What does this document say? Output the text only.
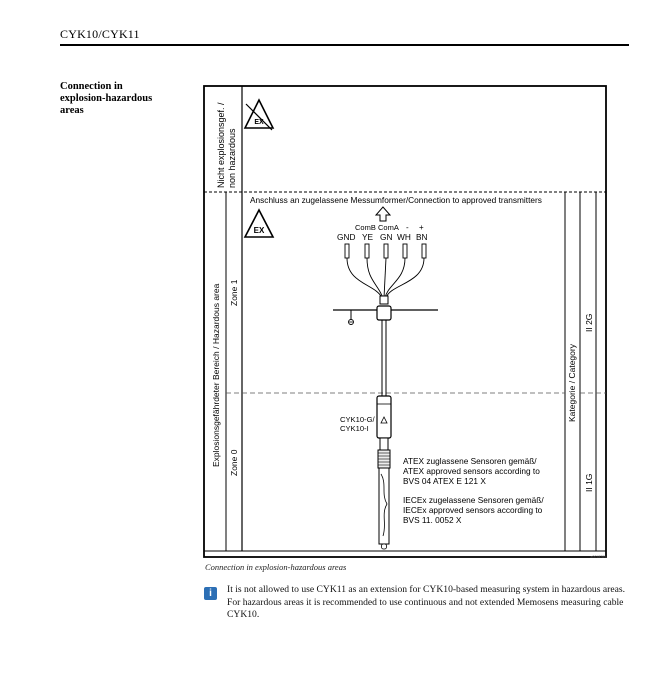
CYK10/CYK11
Connection in explosion-hazardous areas	Nicht explosionsgef. / non hazardous
Explosionsgefährdeter Bereich / Hazardous area Zone 1
Zone 0
Kategorie / Category
II 2G
II 1G
EX
EX
Anschluss an zugelassene Messumformer/Connection to approved transmitters
ComB ComA - +
GND YE GN WH BN
CYK10-G/
CYK10-I
ATEX zuglassene Sensoren gemäß/
ATEX approved sensors according to
BVS 04 ATEX E 121 X
IECEx zugelassene Sensoren gemäß/
IECEx approved sensors according to
BVS 11. 0052 X
a0018789
Connection in explosion-hazardous areas
i	It is not allowed to use CYK11 as an extension for CYK10-based measuring system in hazardous areas.
For hazardous areas it is recommended to use continuous and not extended Memosens measuring cable CYK10.
